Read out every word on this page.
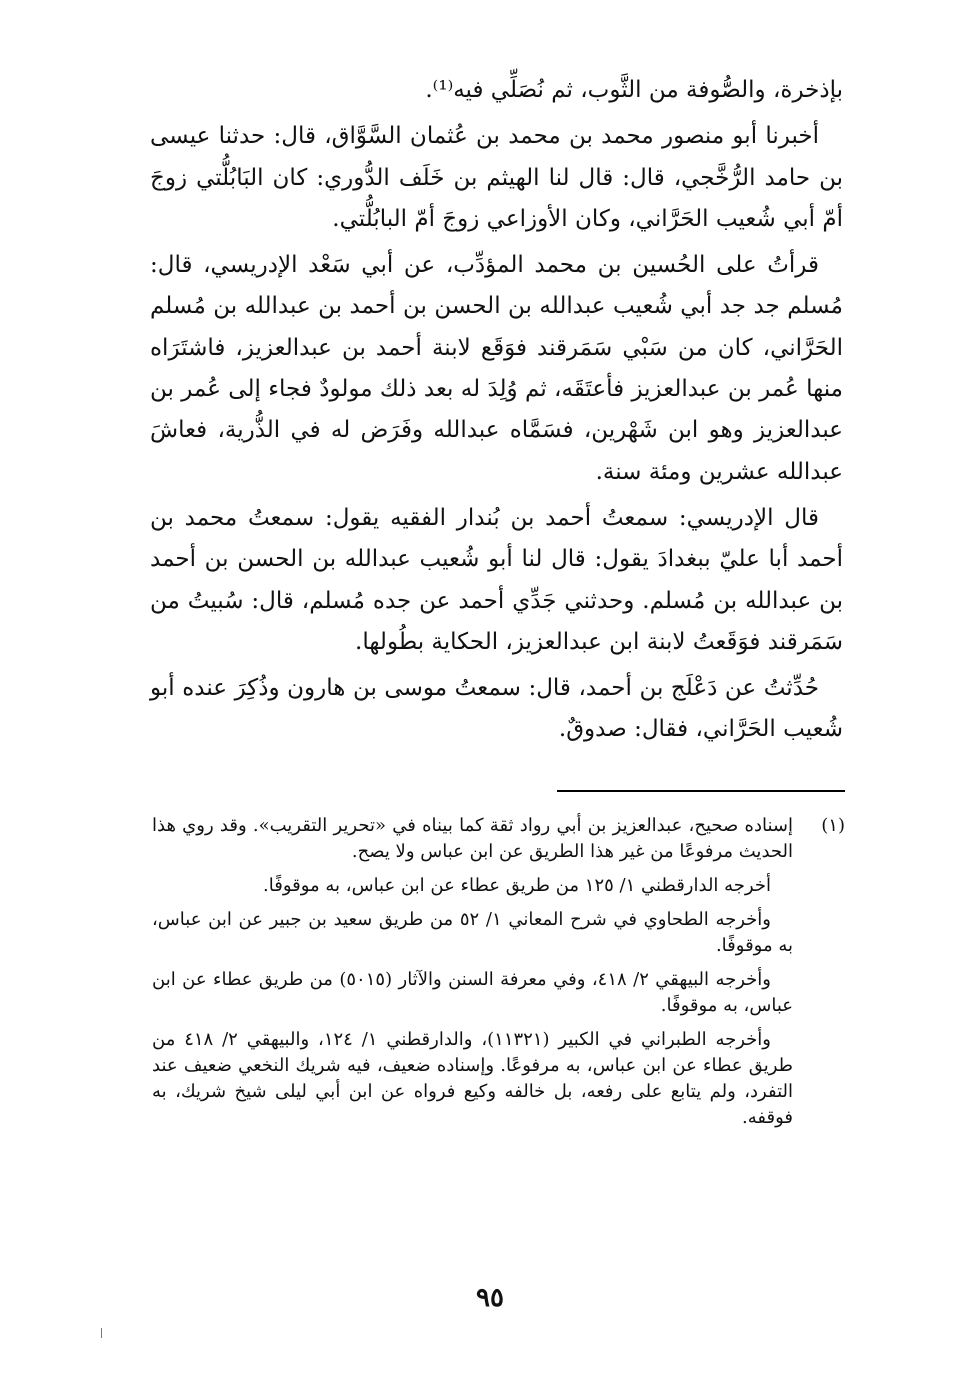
بإذخرة، والصُّوفة من الثَّوب، ثم نُصَلِّي فيه⁽¹⁾.

أخبرنا أبو منصور محمد بن محمد بن عُثمان السَّوَّاق، قال: حدثنا عيسى بن حامد الرُّخَّجي، قال: قال لنا الهيثم بن خَلَف الدُّوري: كان البَابُلُّتي زوجَ أمّ أبي شُعيب الحَرَّاني، وكان الأوزاعي زوجَ أمّ البابُلُّتي.

قرأتُ على الحُسين بن محمد المؤدِّب، عن أبي سَعْد الإدريسي، قال: مُسلم جد جد أبي شُعيب عبدالله بن الحسن بن أحمد بن عبدالله بن مُسلم الحَرَّاني، كان من سَبْي سَمَرقند فوَقَع لابنة أحمد بن عبدالعزيز، فاشتَرَاه منها عُمر بن عبدالعزيز فأعتَقَه، ثم وُلِدَ له بعد ذلك مولودٌ فجاء إلى عُمر بن عبدالعزيز وهو ابن شَهْرين، فسَمَّاه عبدالله وفَرَض له في الذُّرية، فعاشَ عبدالله عشرين ومئة سنة.

قال الإدريسي: سمعتُ أحمد بن بُندار الفقيه يقول: سمعتُ محمد بن أحمد أبا عليّ ببغدادَ يقول: قال لنا أبو شُعيب عبدالله بن الحسن بن أحمد بن عبدالله بن مُسلم. وحدثني جَدِّي أحمد عن جده مُسلم، قال: سُبيتُ من سَمَرقند فوَقَعتُ لابنة ابن عبدالعزيز، الحكاية بطُولها.

حُدِّثتُ عن دَعْلَج بن أحمد، قال: سمعتُ موسى بن هارون وذُكِرَ عنده أبو شُعيب الحَرَّاني، فقال: صدوقٌ.

(١)

إسناده صحيح، عبدالعزيز بن أبي رواد ثقة كما بيناه في «تحرير التقريب». وقد روي هذا الحديث مرفوعًا من غير هذا الطريق عن ابن عباس ولا يصح.

أخرجه الدارقطني ١/ ١٢٥ من طريق عطاء عن ابن عباس، به موقوفًا.

وأخرجه الطحاوي في شرح المعاني ١/ ٥٢ من طريق سعيد بن جبير عن ابن عباس، به موقوفًا.

وأخرجه البيهقي ٢/ ٤١٨، وفي معرفة السنن والآثار (٥٠١٥) من طريق عطاء عن ابن عباس، به موقوفًا.

وأخرجه الطبراني في الكبير (١١٣٢١)، والدارقطني ١/ ١٢٤، والبيهقي ٢/ ٤١٨ من طريق عطاء عن ابن عباس، به مرفوعًا. وإسناده ضعيف، فيه شريك النخعي ضعيف عند التفرد، ولم يتابع على رفعه، بل خالفه وكيع فرواه عن ابن أبي ليلى شيخ شريك، به فوقفه.

٩٥
